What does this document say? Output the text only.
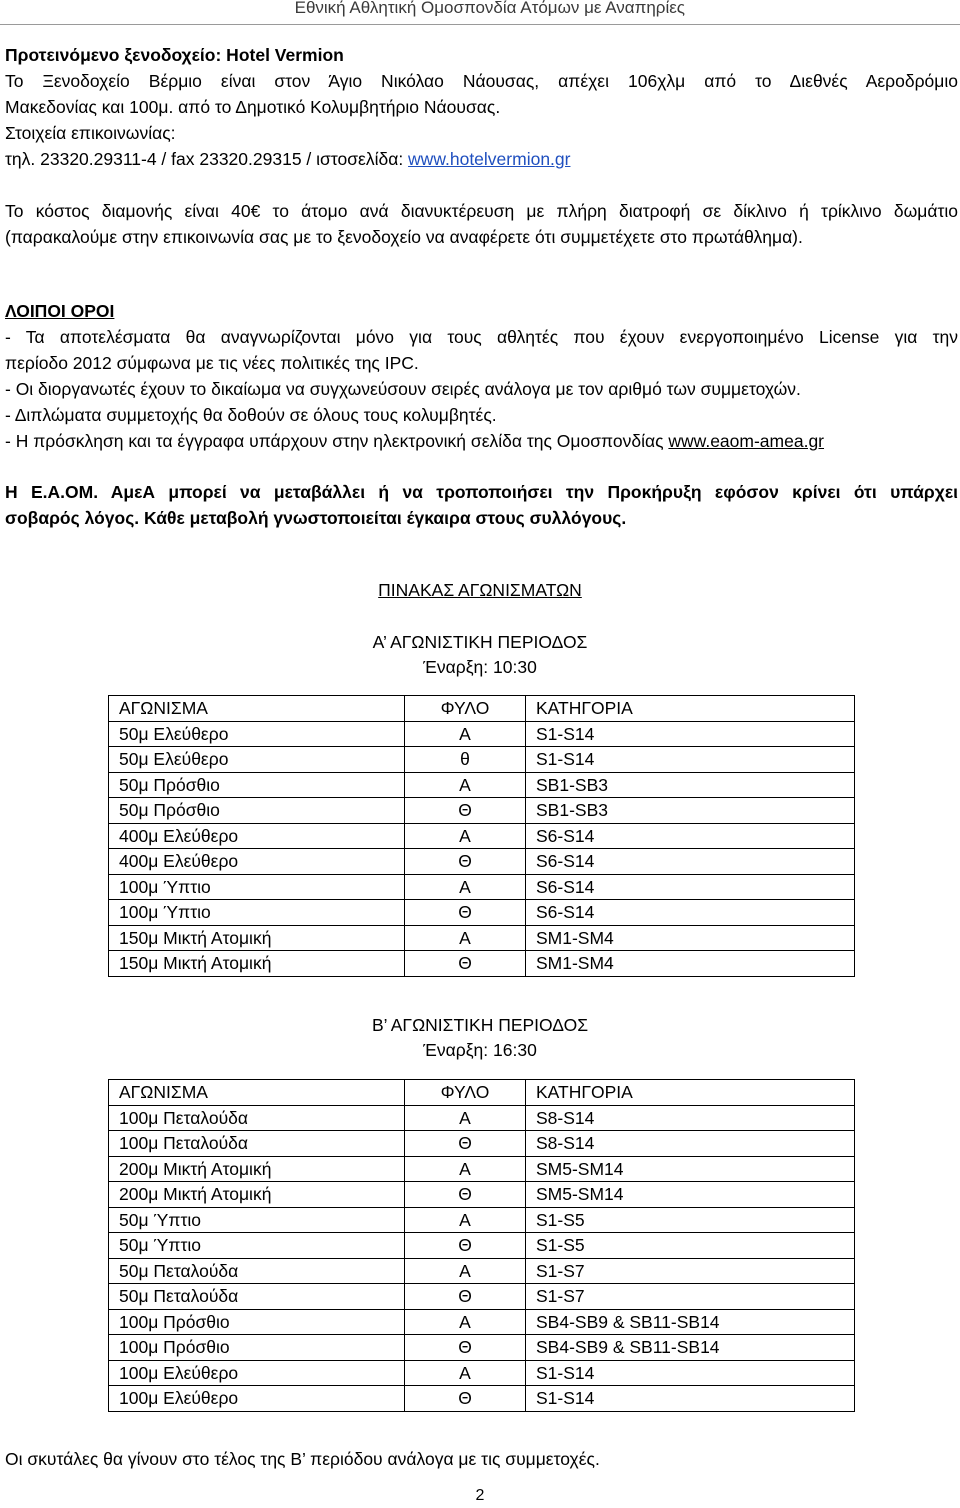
Εθνική Αθλητική Ομοσπονδία Ατόμων με Αναπηρίες
Προτεινόμενο ξενοδοχείο: Hotel Vermion
Το Ξενοδοχείο Βέρμιο είναι στον Άγιο Νικόλαο Νάουσας, απέχει 106χλμ από το Διεθνές Αεροδρόμιο
Μακεδονίας και 100μ. από το Δημοτικό Κολυμβητήριο Νάουσας.
Στοιχεία επικοινωνίας:
τηλ. 23320.29311-4 / fax 23320.29315 / ιστοσελίδα: www.hotelvermion.gr
Το κόστος διαμονής είναι 40€ το άτομο ανά διανυκτέρευση με πλήρη διατροφή σε δίκλινο ή τρίκλινο δωμάτιο
(παρακαλούμε στην επικοινωνία σας με το ξενοδοχείο να αναφέρετε ότι συμμετέχετε στο πρωτάθλημα).
ΛΟΙΠΟΙ ΟΡΟΙ
- Τα αποτελέσματα θα αναγνωρίζονται μόνο για τους αθλητές που έχουν ενεργοποιημένο License για την
περίοδο 2012 σύμφωνα με τις νέες πολιτικές της IPC.
- Οι διοργανωτές έχουν το δικαίωμα να συγχωνεύσουν σειρές ανάλογα με τον αριθμό των συμμετοχών.
- Διπλώματα συμμετοχής θα δοθούν σε όλους τους κολυμβητές.
- Η πρόσκληση και τα έγγραφα υπάρχουν στην ηλεκτρονική σελίδα της Ομοσπονδίας www.eaom-amea.gr
Η Ε.Α.ΟΜ. ΑμεΑ μπορεί να μεταβάλλει ή να τροποποιήσει την Προκήρυξη εφόσον κρίνει ότι υπάρχει
σοβαρός λόγος. Κάθε μεταβολή γνωστοποιείται έγκαιρα στους συλλόγους.
ΠΙΝΑΚΑΣ ΑΓΩΝΙΣΜΑΤΩΝ
Α’ ΑΓΩΝΙΣΤΙΚΗ ΠΕΡΙΟΔΟΣ
Έναρξη: 10:30
ΑΓΩΝΙΣΜΑ	ΦΥΛΟ	ΚΑΤΗΓΟΡΙΑ
50μ Ελεύθερο	Α	S1-S14
50μ Ελεύθερο	θ	S1-S14
50μ Πρόσθιο	Α	SB1-SB3
50μ Πρόσθιο	Θ	SB1-SB3
400μ Ελεύθερο	Α	S6-S14
400μ Ελεύθερο	Θ	S6-S14
100μ Ύπτιο	Α	S6-S14
100μ Ύπτιο	Θ	S6-S14
150μ Μικτή Ατομική	Α	SM1-SM4
150μ Μικτή Ατομική	Θ	SM1-SM4
Β’ ΑΓΩΝΙΣΤΙΚΗ ΠΕΡΙΟΔΟΣ
Έναρξη: 16:30
ΑΓΩΝΙΣΜΑ	ΦΥΛΟ	ΚΑΤΗΓΟΡΙΑ
100μ Πεταλούδα	Α	S8-S14
100μ Πεταλούδα	Θ	S8-S14
200μ Μικτή Ατομική	Α	SM5-SM14
200μ Μικτή Ατομική	Θ	SM5-SM14
50μ Ύπτιο	Α	S1-S5
50μ Ύπτιο	Θ	S1-S5
50μ Πεταλούδα	Α	S1-S7
50μ Πεταλούδα	Θ	S1-S7
100μ Πρόσθιο	Α	SB4-SB9 & SB11-SB14
100μ Πρόσθιο	Θ	SB4-SB9 & SB11-SB14
100μ Ελεύθερο	Α	S1-S14
100μ Ελεύθερο	Θ	S1-S14
Οι σκυτάλες θα γίνουν στο τέλος της Β’ περιόδου ανάλογα με τις συμμετοχές.
2
